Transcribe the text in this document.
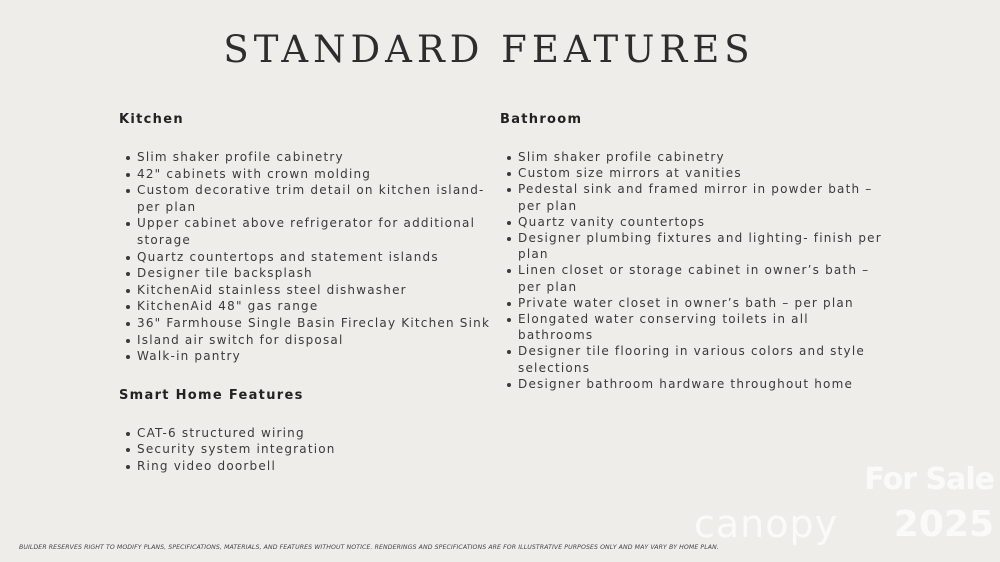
STANDARD FEATURES
Kitchen
Slim shaker profile cabinetry
42" cabinets with crown molding
Custom decorative trim detail on kitchen island- per plan
Upper cabinet above refrigerator for additional storage
Quartz countertops and statement islands
Designer tile backsplash
KitchenAid stainless steel dishwasher
KitchenAid 48" gas range
36" Farmhouse Single Basin Fireclay Kitchen Sink
Island air switch for disposal
Walk-in pantry
Smart Home Features
CAT-6 structured wiring
Security system integration
Ring video doorbell
Bathroom
Slim shaker profile cabinetry
Custom size mirrors at vanities
Pedestal sink and framed mirror in powder bath – per plan
Quartz vanity countertops
Designer plumbing fixtures and lighting- finish per plan
Linen closet or storage cabinet in owner’s bath – per plan
Private water closet in owner’s bath – per plan
Elongated water conserving toilets in all bathrooms
Designer tile flooring in various colors and style selections
Designer bathroom hardware throughout home
BUILDER RESERVES RIGHT TO MODIFY PLANS, SPECIFICATIONS, MATERIALS, AND FEATURES WITHOUT NOTICE. RENDERINGS AND SPECIFICATIONS ARE FOR ILLUSTRATIVE PURPOSES ONLY AND MAY VARY BY HOME PLAN.
For Sale
canopy 2025
